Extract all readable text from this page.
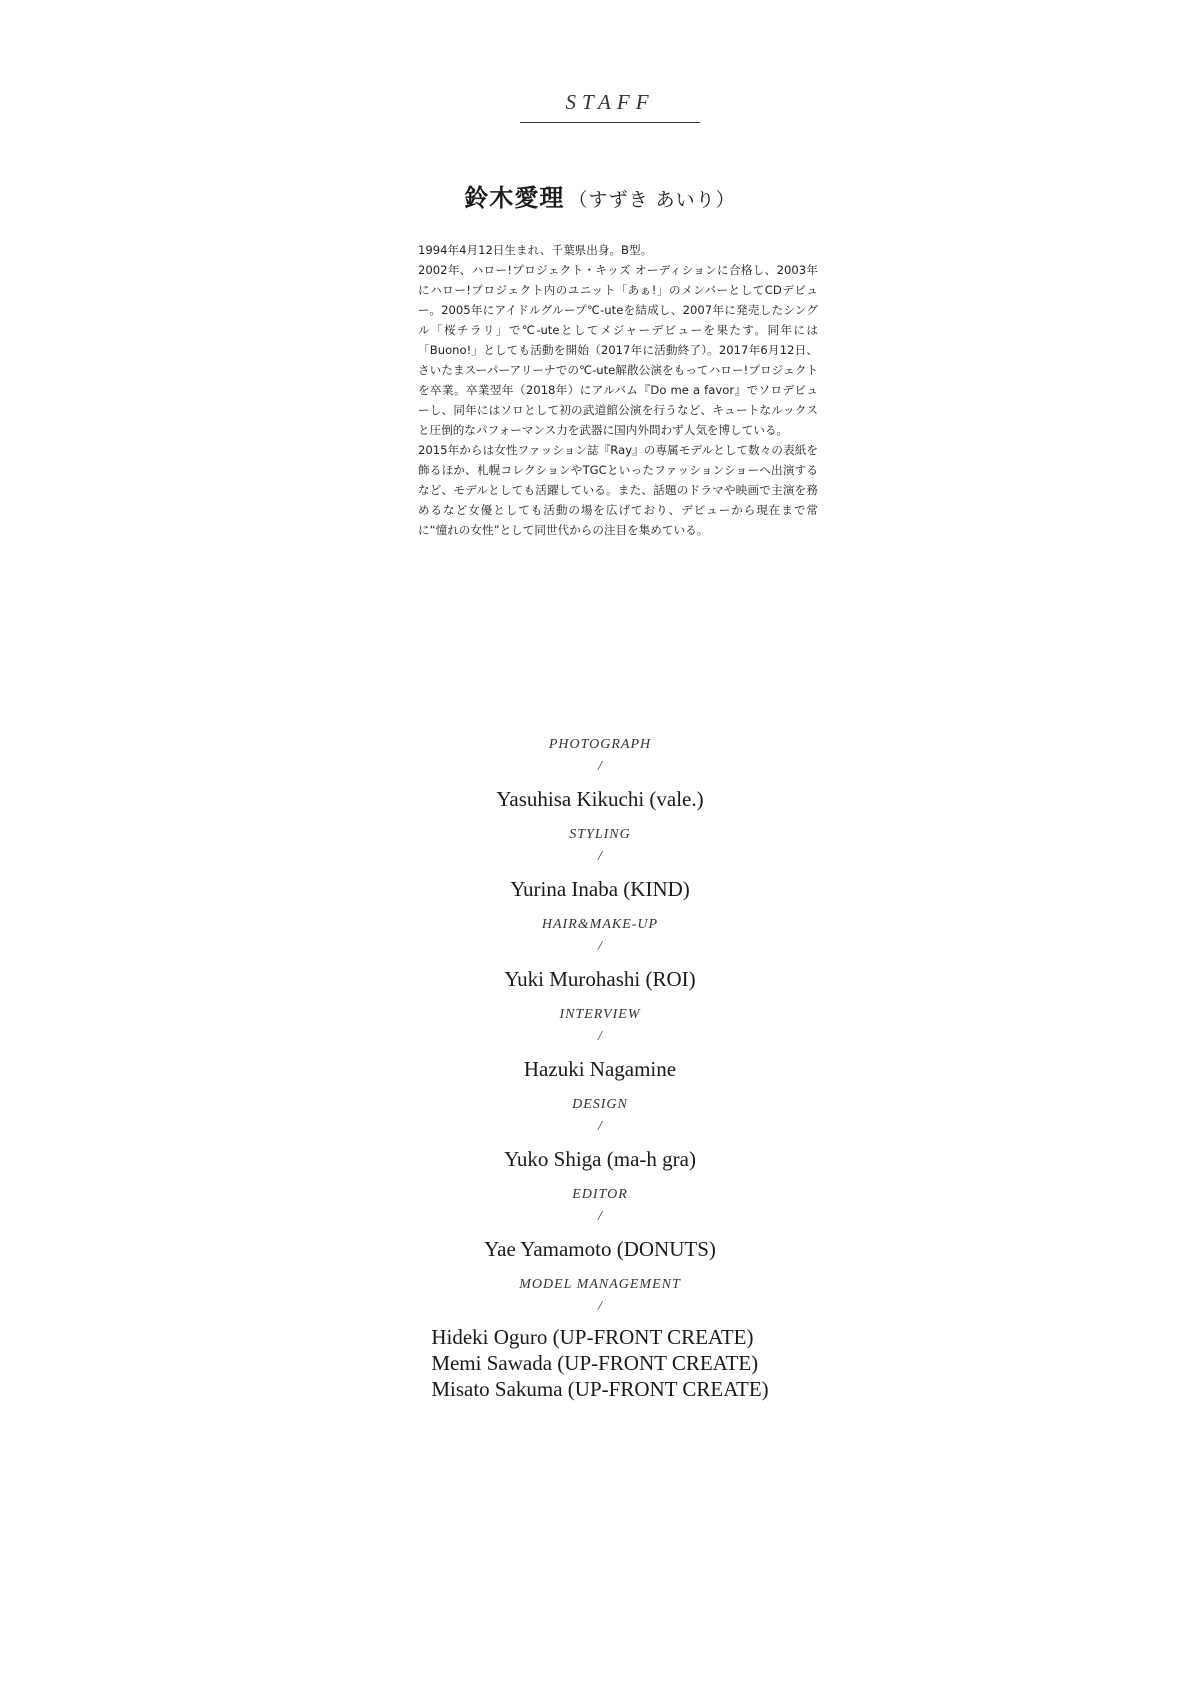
STAFF
鈴木愛理 （すずき あいり）

1994年4月12日生まれ、千葉県出身。B型。

2002年、ハロー!プロジェクト・キッズ オーディションに合格し、2003年にハロー!プロジェクト内のユニット「あぁ!」のメンバーとしてCDデビュー。2005年にアイドルグループ℃-uteを結成し、2007年に発売したシングル「桜チラリ」で℃-uteとしてメジャーデビューを果たす。同年には「Buono!」としても活動を開始（2017年に活動終了）。2017年6月12日、さいたまスーパーアリーナでの℃-ute解散公演をもってハロー!プロジェクトを卒業。卒業翌年（2018年）にアルバム『Do me a favor』でソロデビューし、同年にはソロとして初の武道館公演を行うなど、キュートなルックスと圧倒的なパフォーマンス力を武器に国内外問わず人気を博している。

2015年からは女性ファッション誌『Ray』の専属モデルとして数々の表紙を飾るほか、札幌コレクションやTGCといったファッションショーへ出演するなど、モデルとしても活躍している。また、話題のドラマや映画で主演を務めるなど女優としても活動の場を広げており、デビューから現在まで常に“憧れの女性”として同世代からの注目を集めている。

PHOTOGRAPH
/
Yasuhisa Kikuchi (vale.)
STYLING
/
Yurina Inaba (KIND)
HAIR&MAKE-UP
/
Yuki Murohashi (ROI)
INTERVIEW
/
Hazuki Nagamine
DESIGN
/
Yuko Shiga (ma-h gra)
EDITOR
/
Yae Yamamoto (DONUTS)
MODEL MANAGEMENT
/
Hideki Oguro (UP-FRONT CREATE)
Memi Sawada (UP-FRONT CREATE)
Misato Sakuma (UP-FRONT CREATE)
